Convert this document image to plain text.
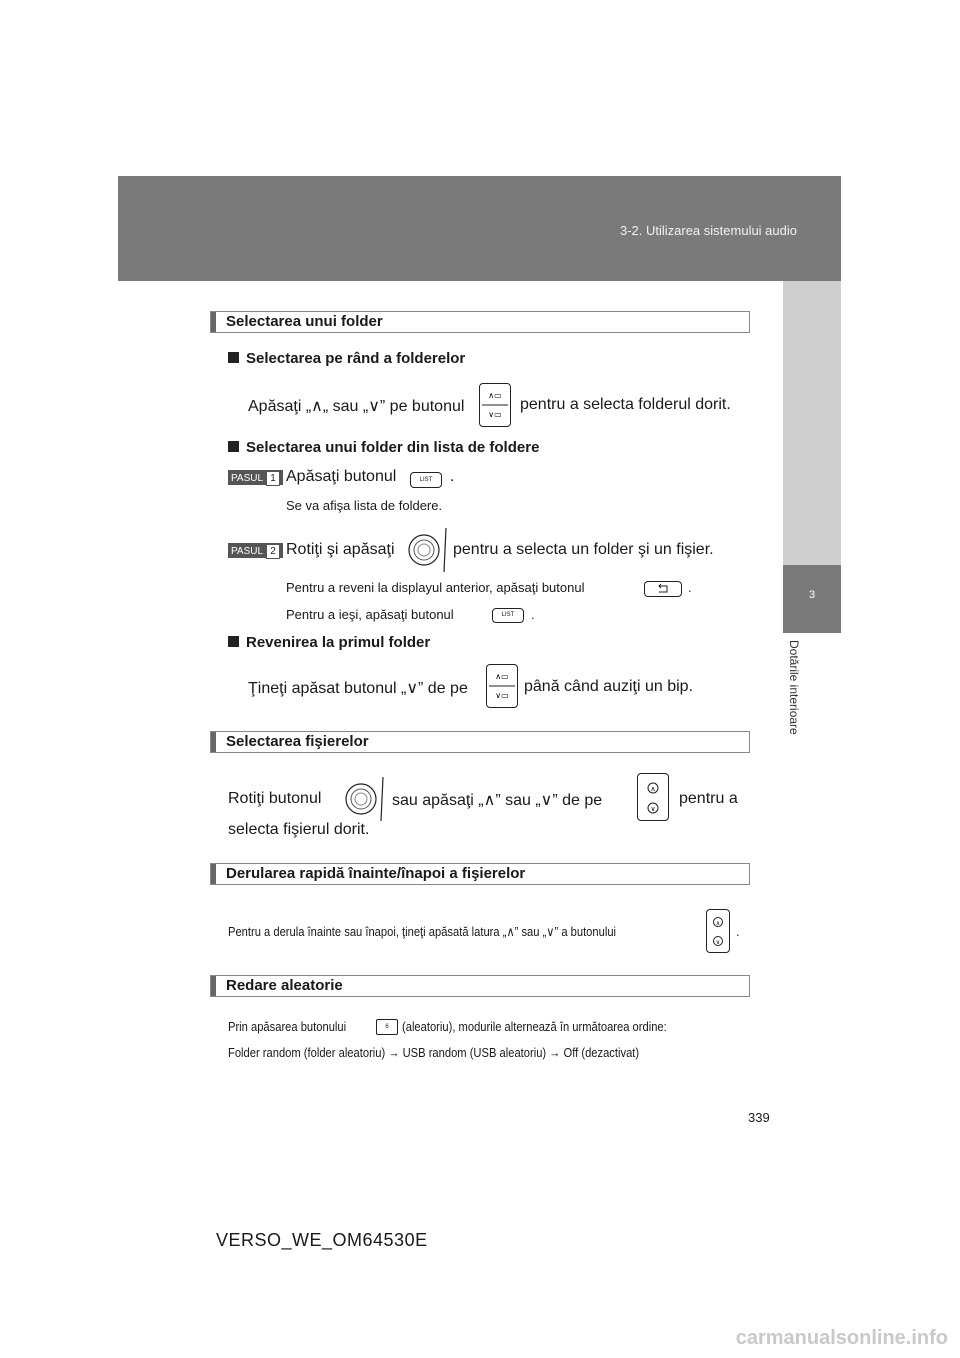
3-2. Utilizarea sistemului audio
3
Dotările interioare
Selectarea unui folder
Selectarea pe rând a folderelor
Apăsaţi „∧„ sau „∨” pe butonul
∧▭
∨▭
pentru a selecta folderul dorit.
Selectarea unui folder din lista de foldere
PASUL 1 Apăsaţi butonul	LIST	.
Se va afişa lista de foldere.
PASUL 2 Rotiţi şi apăsaţi	pentru a selecta un folder şi un fişier.
Pentru a reveni la displayul anterior, apăsaţi butonul	.
Pentru a ieşi, apăsaţi butonul	LIST	.
Revenirea la primul folder
Ţineţi apăsat butonul „∨” de pe
∧▭
∨▭
până când auziţi un bip.
Selectarea fişierelor
Rotiţi butonul	sau apăsaţi „∧” sau „∨” de pe
∧
∨
pentru a
selecta fişierul dorit.
Derularea rapidă înainte/înapoi a fişierelor
Pentru a derula înainte sau înapoi, ţineţi apăsată latura „∧” sau „∨” a butonului
∧
∨
.
Redare aleatorie
Prin apăsarea butonului	6	(aleatoriu), modurile alternează în următoarea ordine:
Folder random (folder aleatoriu) → USB random (USB aleatoriu) → Off (dezactivat)
339
VERSO_WE_OM64530E
carmanualsonline.info
